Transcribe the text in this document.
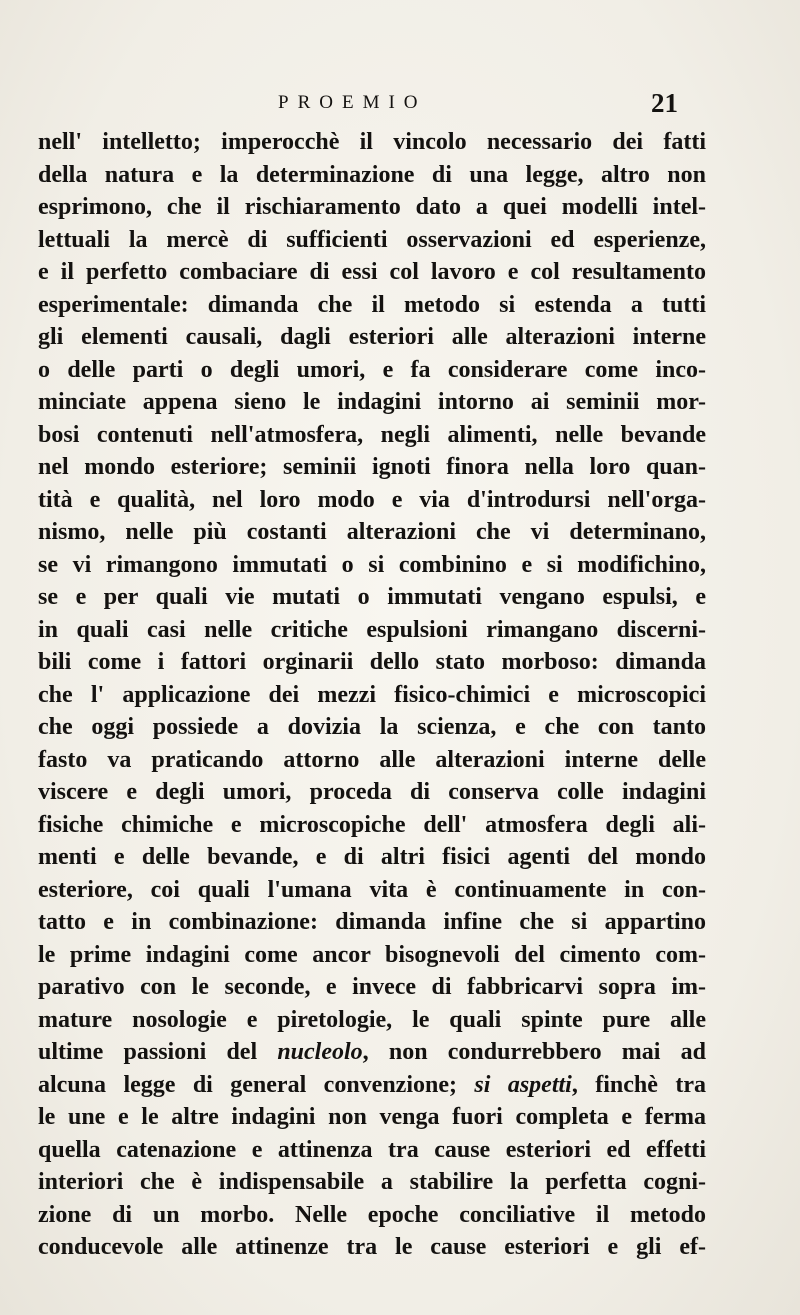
PROEMIO	21
nell' intelletto; imperocchè il vincolo necessario dei fatti
della natura e la determinazione di una legge, altro non
esprimono, che il rischiaramento dato a quei modelli intel-
lettuali la mercè di sufficienti osservazioni ed esperienze,
e il perfetto combaciare di essi col lavoro e col resultamento
esperimentale: dimanda che il metodo si estenda a tutti
gli elementi causali, dagli esteriori alle alterazioni interne
o delle parti o degli umori, e fa considerare come inco-
minciate appena sieno le indagini intorno ai seminii mor-
bosi contenuti nell'atmosfera, negli alimenti, nelle bevande
nel mondo esteriore; seminii ignoti finora nella loro quan-
tità e qualità, nel loro modo e via d'introdursi nell'orga-
nismo, nelle più costanti alterazioni che vi determinano,
se vi rimangono immutati o si combinino e si modifichino,
se e per quali vie mutati o immutati vengano espulsi, e
in quali casi nelle critiche espulsioni rimangano discerni-
bili come i fattori orginarii dello stato morboso: dimanda
che l' applicazione dei mezzi fisico-chimici e microscopici
che oggi possiede a dovizia la scienza, e che con tanto
fasto va praticando attorno alle alterazioni interne delle
viscere e degli umori, proceda di conserva colle indagini
fisiche chimiche e microscopiche dell' atmosfera degli ali-
menti e delle bevande, e di altri fisici agenti del mondo
esteriore, coi quali l'umana vita è continuamente in con-
tatto e in combinazione: dimanda infine che si appartino
le prime indagini come ancor bisognevoli del cimento com-
parativo con le seconde, e invece di fabbricarvi sopra im-
mature nosologie e piretologie, le quali spinte pure alle
ultime passioni del nucleolo, non condurrebbero mai ad
alcuna legge di general convenzione; si aspetti, finchè tra
le une e le altre indagini non venga fuori completa e ferma
quella catenazione e attinenza tra cause esteriori ed effetti
interiori che è indispensabile a stabilire la perfetta cogni-
zione di un morbo. Nelle epoche conciliative il metodo
conducevole alle attinenze tra le cause esteriori e gli ef-
